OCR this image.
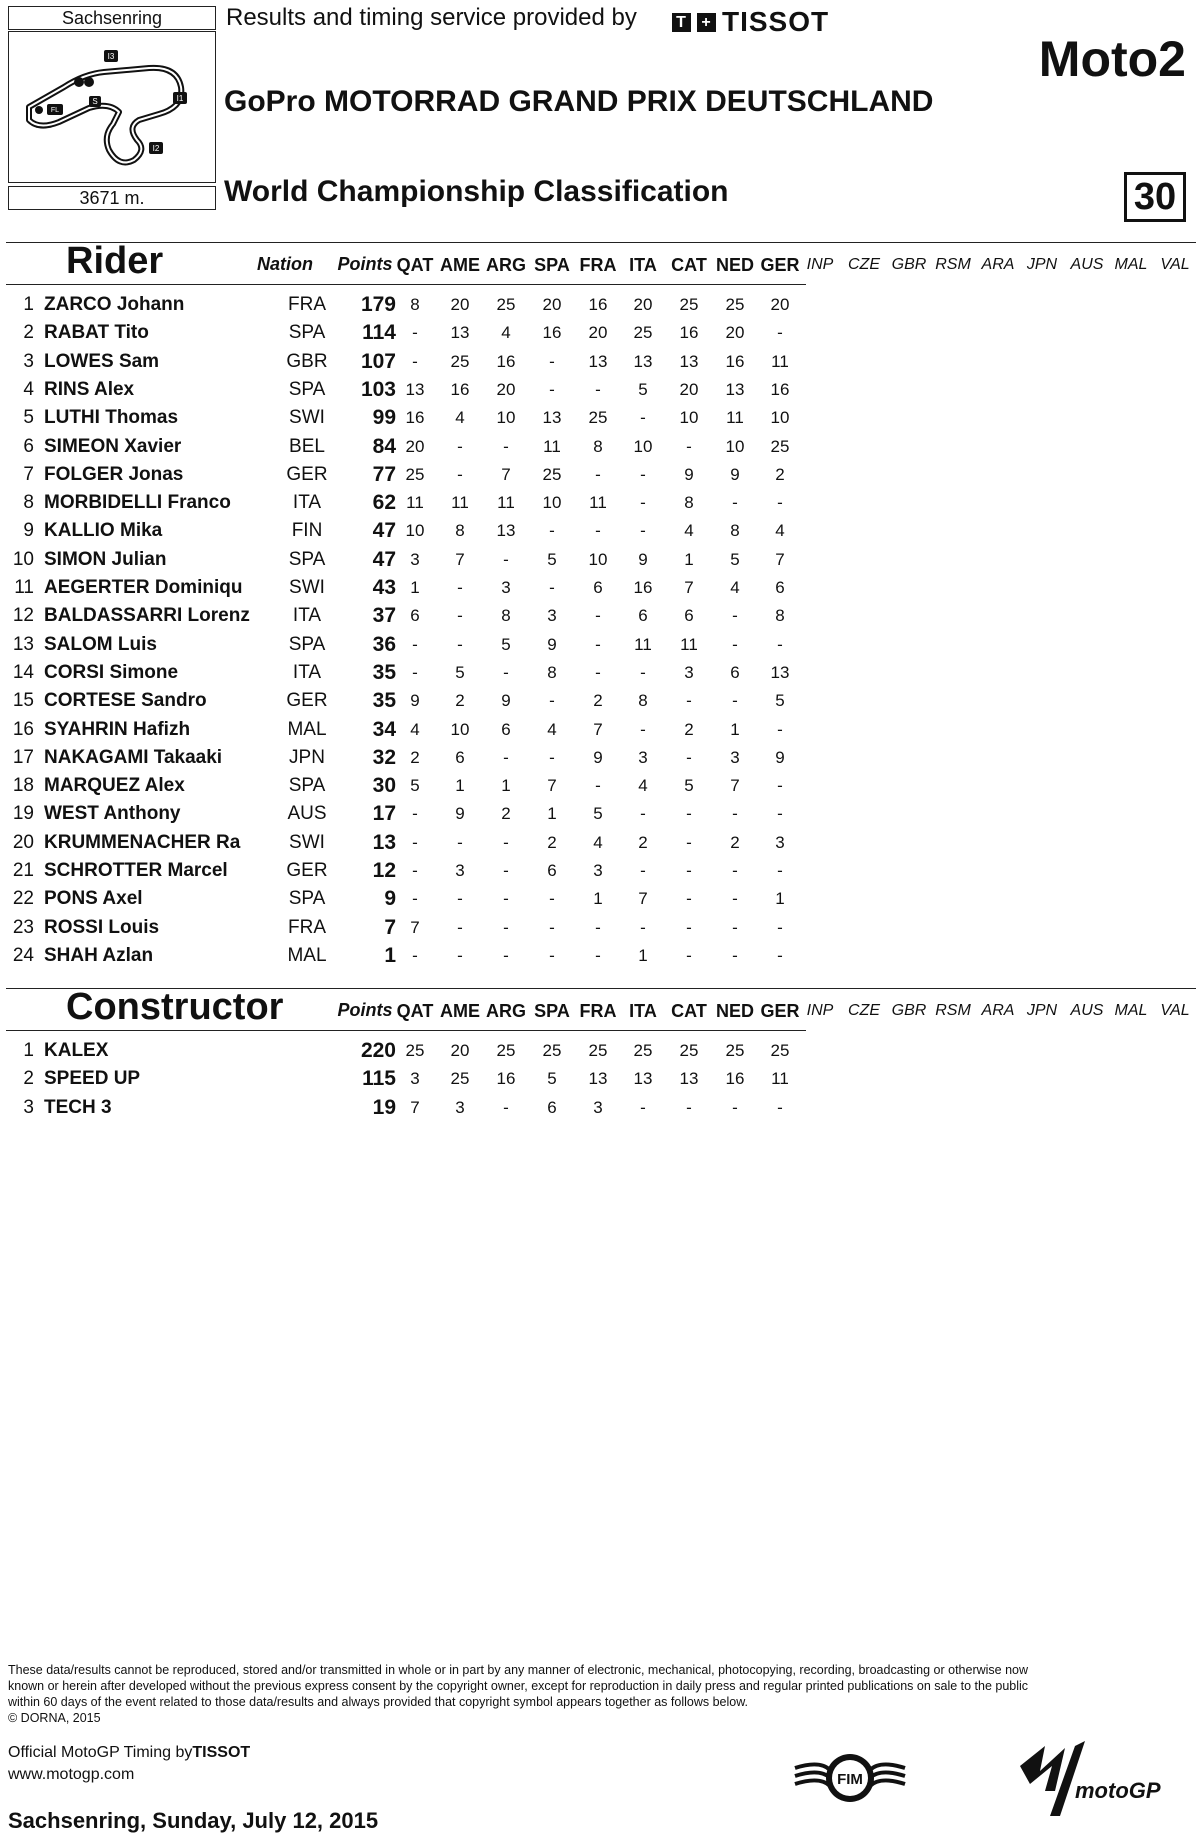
Sachsenring
I3
I1
I2
S
FL
3671 m.
Results and timing service provided by T + TISSOT
Moto2
GoPro MOTORRAD GRAND PRIX DEUTSCHLAND
World Championship Classification	30
Rider	Nation	Points QAT AME ARG SPA FRA ITA CAT NED GER INP CZE GBR RSM ARA JPN AUS MAL VAL
1 ZARCO Johann	FRA	179 8	20	25	20	16	20	25	25	20
2 RABAT Tito	SPA	114 -	13	4	16	20	25	16	20	-
3 LOWES Sam	GBR	107 -	25	16	-	13	13	13	16	11
4 RINS Alex	SPA	103 13	16	20	-	-	5	20	13	16
5 LUTHI Thomas	SWI	99 16	4	10	13	25	-	10	11	10
6 SIMEON Xavier	BEL	84 20	-	-	11	8	10	-	10	25
7 FOLGER Jonas	GER	77 25	-	7	25	-	-	9	9	2
8 MORBIDELLI Franco	ITA	62 11	11	11	10	11	-	8	-	-
9 KALLIO Mika	FIN	47 10	8	13	-	-	-	4	8	4
10 SIMON Julian	SPA	47 3	7	-	5	10	9	1	5	7
11 AEGERTER Dominiqu	SWI	43 1	-	3	-	6	16	7	4	6
12 BALDASSARRI Lorenz	ITA	37 6	-	8	3	-	6	6	-	8
13 SALOM Luis	SPA	36 -	-	5	9	-	11	11	-	-
14 CORSI Simone	ITA	35 -	5	-	8	-	-	3	6	13
15 CORTESE Sandro	GER	35 9	2	9	-	2	8	-	-	5
16 SYAHRIN Hafizh	MAL	34 4	10	6	4	7	-	2	1	-
17 NAKAGAMI Takaaki	JPN	32 2	6	-	-	9	3	-	3	9
18 MARQUEZ Alex	SPA	30 5	1	1	7	-	4	5	7	-
19 WEST Anthony	AUS	17 -	9	2	1	5	-	-	-	-
20 KRUMMENACHER Ra	SWI	13 -	-	-	2	4	2	-	2	3
21 SCHROTTER Marcel	GER	12 -	3	-	6	3	-	-	-	-
22 PONS Axel	SPA	9 -	-	-	-	1	7	-	-	1
23 ROSSI Louis	FRA	7 7	-	-	-	-	-	-	-	-
24 SHAH Azlan	MAL	1 -	-	-	-	-	1	-	-	-
Constructor	Points QAT AME ARG SPA FRA ITA CAT NED GER INP CZE GBR RSM ARA JPN AUS MAL VAL
1 KALEX	220 25	20	25	25	25	25	25	25	25
2 SPEED UP	115 3	25	16	5	13	13	13	16	11
3 TECH 3	19 7	3	-	6	3	-	-	-	-
These data/results cannot be reproduced, stored and/or transmitted in whole or in part by any manner of electronic, mechanical, photocopying, recording, broadcasting or otherwise now
known or herein after developed without the previous express consent by the copyright owner, except for reproduction in daily press and regular printed publications on sale to the public
within 60 days of the event related to those data/results and always provided that copyright symbol appears together as follows below.
© DORNA, 2015
Official MotoGP Timing byTISSOT
www.motogp.com
Sachsenring, Sunday, July 12, 2015
FIM	motoGP
